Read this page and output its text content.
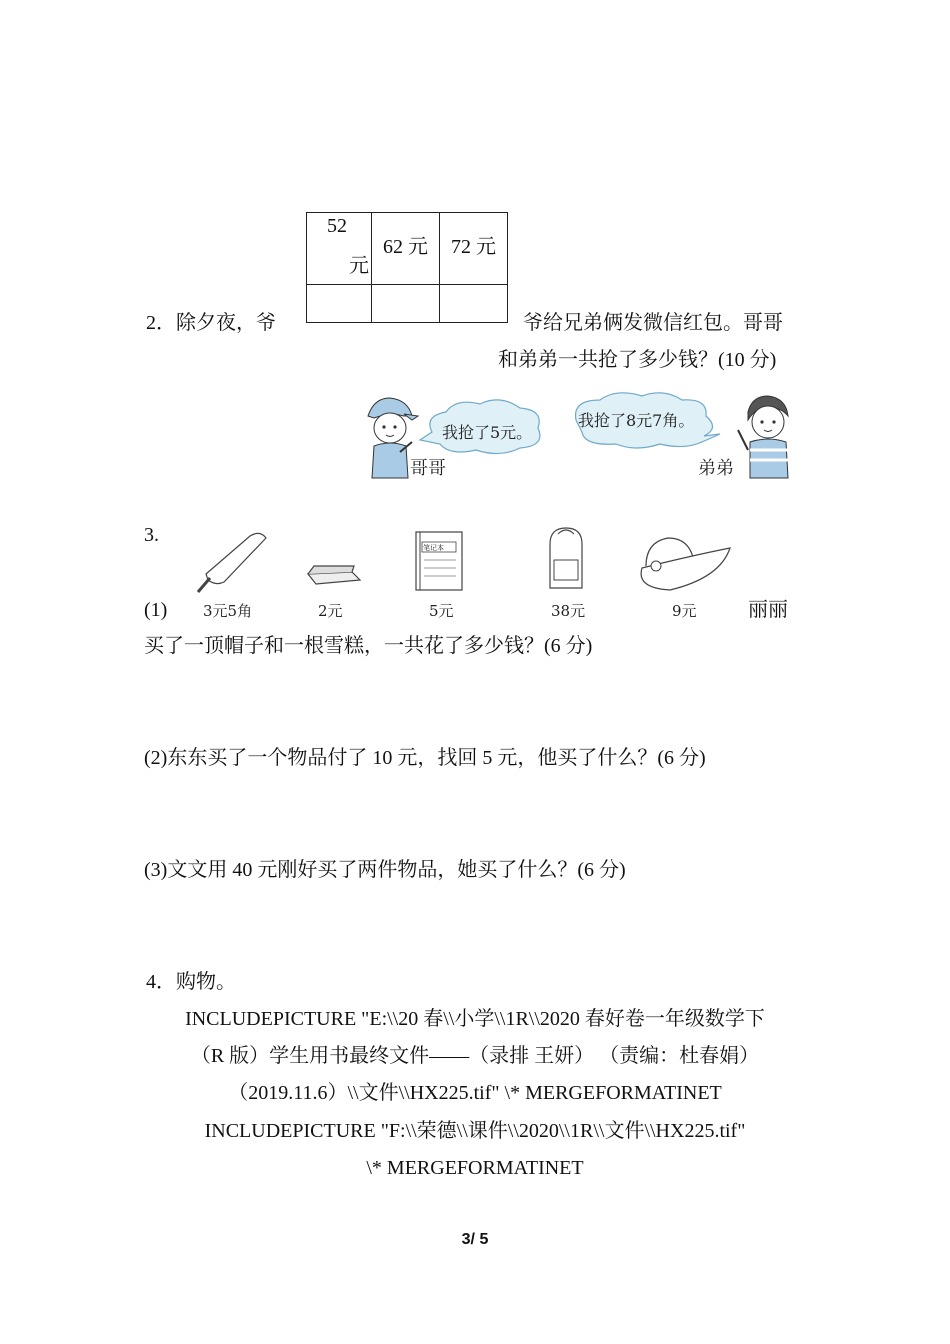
52
元	62 元	72 元

2．除夕夜，爷	爷给兄弟俩发微信红包。哥哥
和弟弟一共抢了多少钱？(10 分)
我抢了5元。
我抢了8元7角。
哥哥	弟弟
3.
笔记本
(1) 3元5角	2元	5元	38元	9元	丽丽
买了一顶帽子和一根雪糕，一共花了多少钱？(6 分)
(2)东东买了一个物品付了 10 元，找回 5 元，他买了什么？(6 分)
(3)文文用 40 元刚好买了两件物品，她买了什么？(6 分)
4．购物。
INCLUDEPICTURE "E:\\20 春\\小学\\1R\\2020 春好卷一年级数学下
（R 版）学生用书最终文件——（录排 王妍） （责编：杜春娟）
（2019.11.6）\\文件\\HX225.tif" \* MERGEFORMATINET
INCLUDEPICTURE "F:\\荣德\\课件\\2020\\1R\\文件\\HX225.tif"
\* MERGEFORMATINET
3/ 5
